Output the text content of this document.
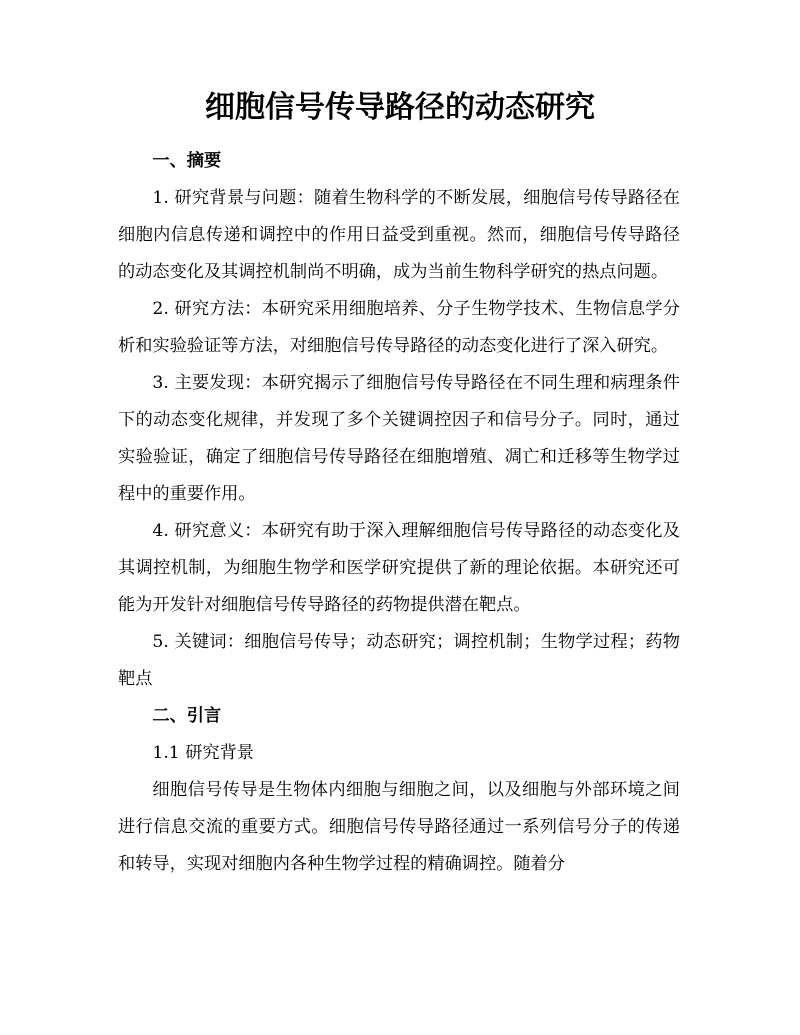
细胞信号传导路径的动态研究
一、摘要

1. 研究背景与问题：随着生物科学的不断发展，细胞信号传导路径在细胞内信息传递和调控中的作用日益受到重视。然而，细胞信号传导路径的动态变化及其调控机制尚不明确，成为当前生物科学研究的热点问题。

2. 研究方法：本研究采用细胞培养、分子生物学技术、生物信息学分析和实验验证等方法，对细胞信号传导路径的动态变化进行了深入研究。

3. 主要发现：本研究揭示了细胞信号传导路径在不同生理和病理条件下的动态变化规律，并发现了多个关键调控因子和信号分子。同时，通过实验验证，确定了细胞信号传导路径在细胞增殖、凋亡和迁移等生物学过程中的重要作用。

4. 研究意义：本研究有助于深入理解细胞信号传导路径的动态变化及其调控机制，为细胞生物学和医学研究提供了新的理论依据。本研究还可能为开发针对细胞信号传导路径的药物提供潜在靶点。

5. 关键词：细胞信号传导；动态研究；调控机制；生物学过程；药物靶点

二、引言

1.1 研究背景

细胞信号传导是生物体内细胞与细胞之间，以及细胞与外部环境之间进行信息交流的重要方式。细胞信号传导路径通过一系列信号分子的传递和转导，实现对细胞内各种生物学过程的精确调控。随着分
